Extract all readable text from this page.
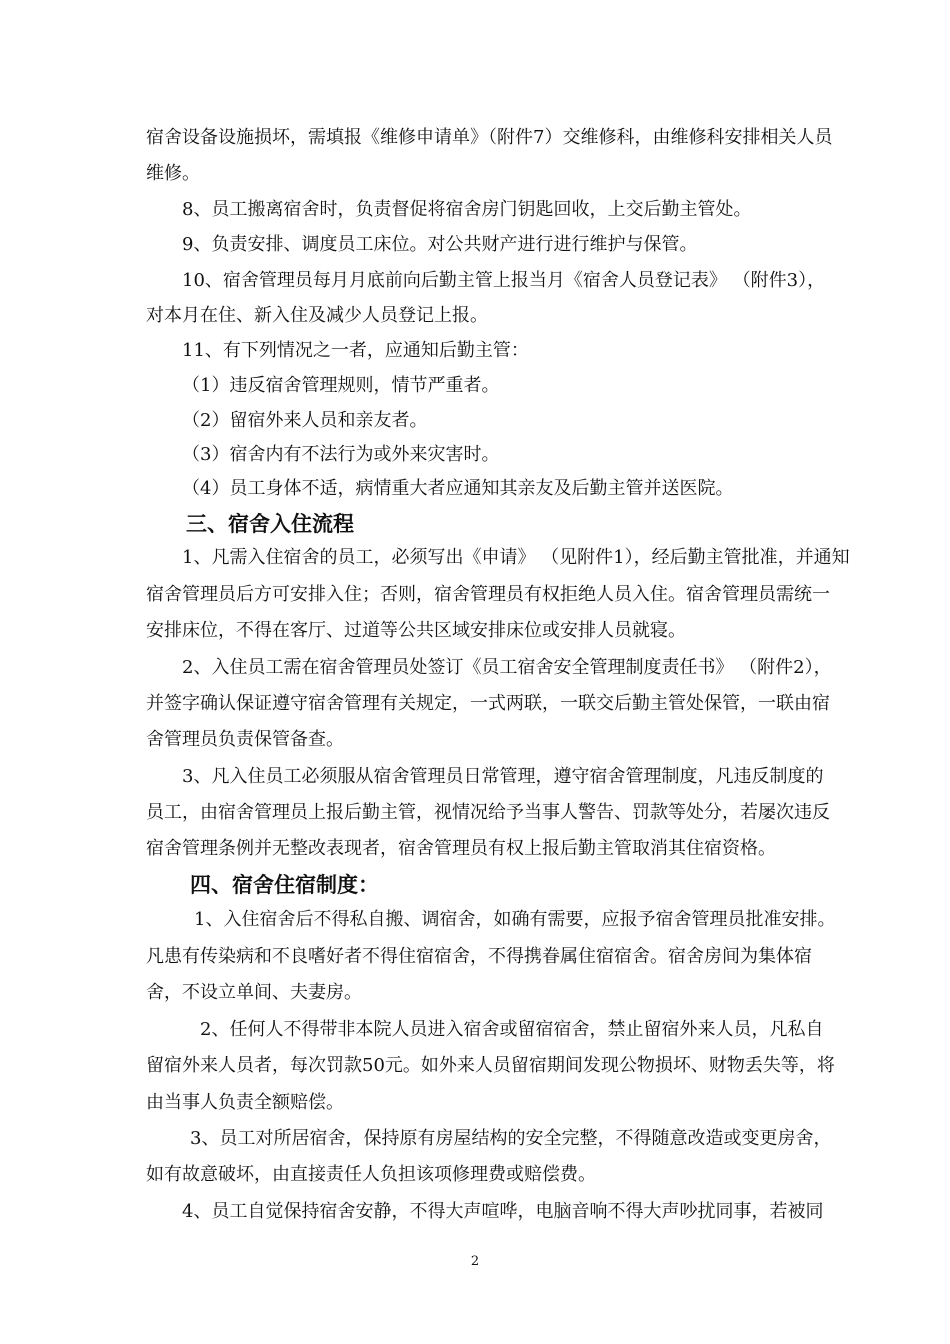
宿舍设备设施损坏，需填报《维修申请单》（附件7）交维修科，由维修科安排相关人员
维修。
8、员工搬离宿舍时，负责督促将宿舍房门钥匙回收，上交后勤主管处。
9、负责安排、调度员工床位。对公共财产进行进行维护与保管。
10、宿舍管理员每月月底前向后勤主管上报当月《宿舍人员登记表》 （附件3），
对本月在住、新入住及减少人员登记上报。
11、有下列情况之一者，应通知后勤主管：
（1）违反宿舍管理规则，情节严重者。
（2）留宿外来人员和亲友者。
（3）宿舍内有不法行为或外来灾害时。
（4）员工身体不适，病情重大者应通知其亲友及后勤主管并送医院。
三、宿舍入住流程
1、凡需入住宿舍的员工，必须写出《申请》 （见附件1），经后勤主管批准，并通知
宿舍管理员后方可安排入住；否则，宿舍管理员有权拒绝人员入住。宿舍管理员需统一
安排床位，不得在客厅、过道等公共区域安排床位或安排人员就寝。
2、入住员工需在宿舍管理员处签订《员工宿舍安全管理制度责任书》 （附件2），
并签字确认保证遵守宿舍管理有关规定，一式两联，一联交后勤主管处保管，一联由宿
舍管理员负责保管备查。
3、凡入住员工必须服从宿舍管理员日常管理，遵守宿舍管理制度，凡违反制度的
员工，由宿舍管理员上报后勤主管，视情况给予当事人警告、罚款等处分，若屡次违反
宿舍管理条例并无整改表现者，宿舍管理员有权上报后勤主管取消其住宿资格。
四、宿舍住宿制度：
1、入住宿舍后不得私自搬、调宿舍，如确有需要，应报予宿舍管理员批准安排。
凡患有传染病和不良嗜好者不得住宿宿舍，不得携眷属住宿宿舍。宿舍房间为集体宿
舍，不设立单间、夫妻房。
2、任何人不得带非本院人员进入宿舍或留宿宿舍，禁止留宿外来人员，凡私自
留宿外来人员者，每次罚款50元。如外来人员留宿期间发现公物损坏、财物丢失等，将
由当事人负责全额赔偿。
3、员工对所居宿舍，保持原有房屋结构的安全完整，不得随意改造或变更房舍，
如有故意破坏，由直接责任人负担该项修理费或赔偿费。
4、员工自觉保持宿舍安静，不得大声喧哗，电脑音响不得大声吵扰同事，若被同
2
